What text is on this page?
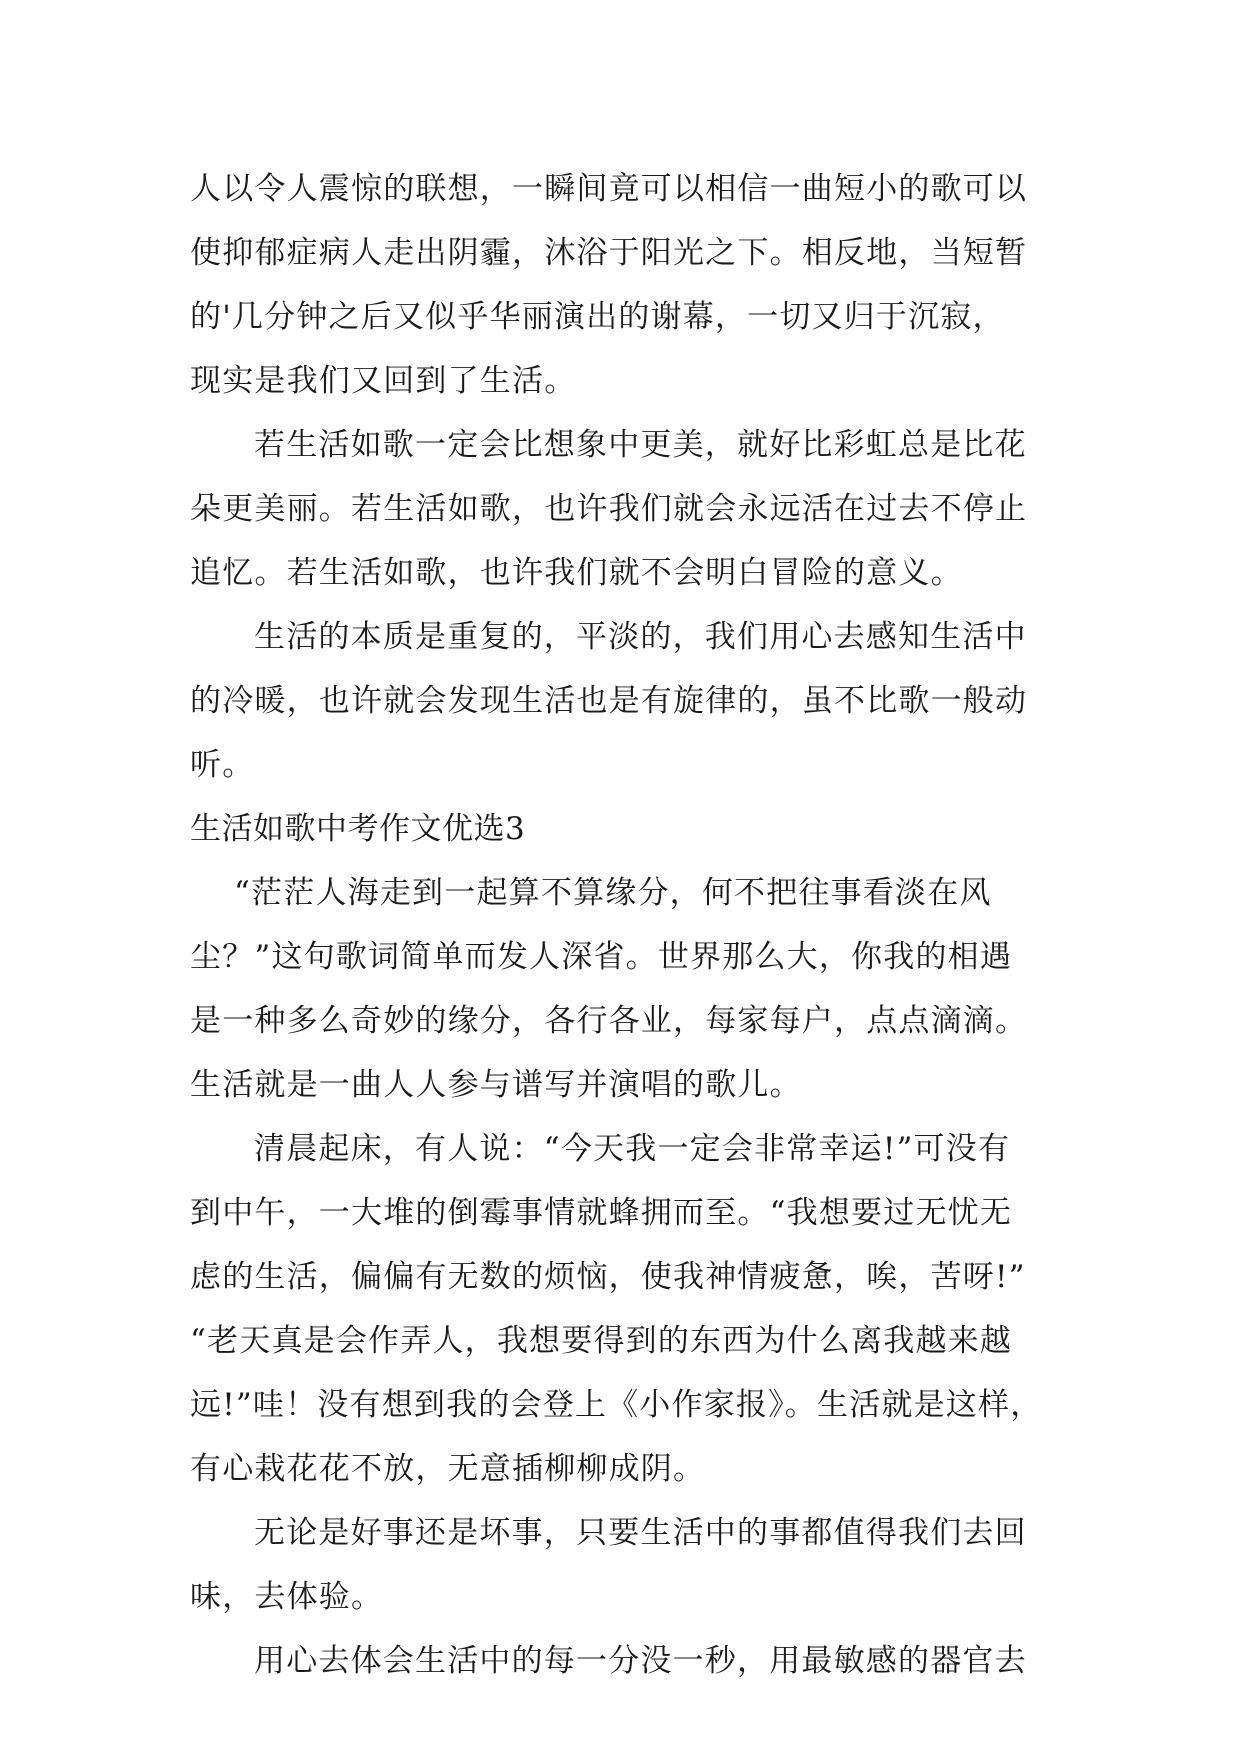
人以令人震惊的联想，一瞬间竟可以相信一曲短小的歌可以
使抑郁症病人走出阴霾，沐浴于阳光之下。相反地，当短暂
的'几分钟之后又似乎华丽演出的谢幕，一切又归于沉寂，
现实是我们又回到了生活。
若生活如歌一定会比想象中更美，就好比彩虹总是比花
朵更美丽。若生活如歌，也许我们就会永远活在过去不停止
追忆。若生活如歌，也许我们就不会明白冒险的意义。
生活的本质是重复的，平淡的，我们用心去感知生活中
的冷暖，也许就会发现生活也是有旋律的，虽不比歌一般动
听。
生活如歌中考作文优选3
“茫茫人海走到一起算不算缘分，何不把往事看淡在风
尘？”这句歌词简单而发人深省。世界那么大，你我的相遇
是一种多么奇妙的缘分，各行各业，每家每户，点点滴滴。
生活就是一曲人人参与谱写并演唱的歌儿。
清晨起床，有人说：“今天我一定会非常幸运!”可没有
到中午，一大堆的倒霉事情就蜂拥而至。“我想要过无忧无
虑的生活，偏偏有无数的烦恼，使我神情疲惫，唉，苦呀!”
“老天真是会作弄人，我想要得到的东西为什么离我越来越
远!”哇！没有想到我的会登上《小作家报》。生活就是这样，
有心栽花花不放，无意插柳柳成阴。
无论是好事还是坏事，只要生活中的事都值得我们去回
味，去体验。
用心去体会生活中的每一分没一秒，用最敏感的器官去
